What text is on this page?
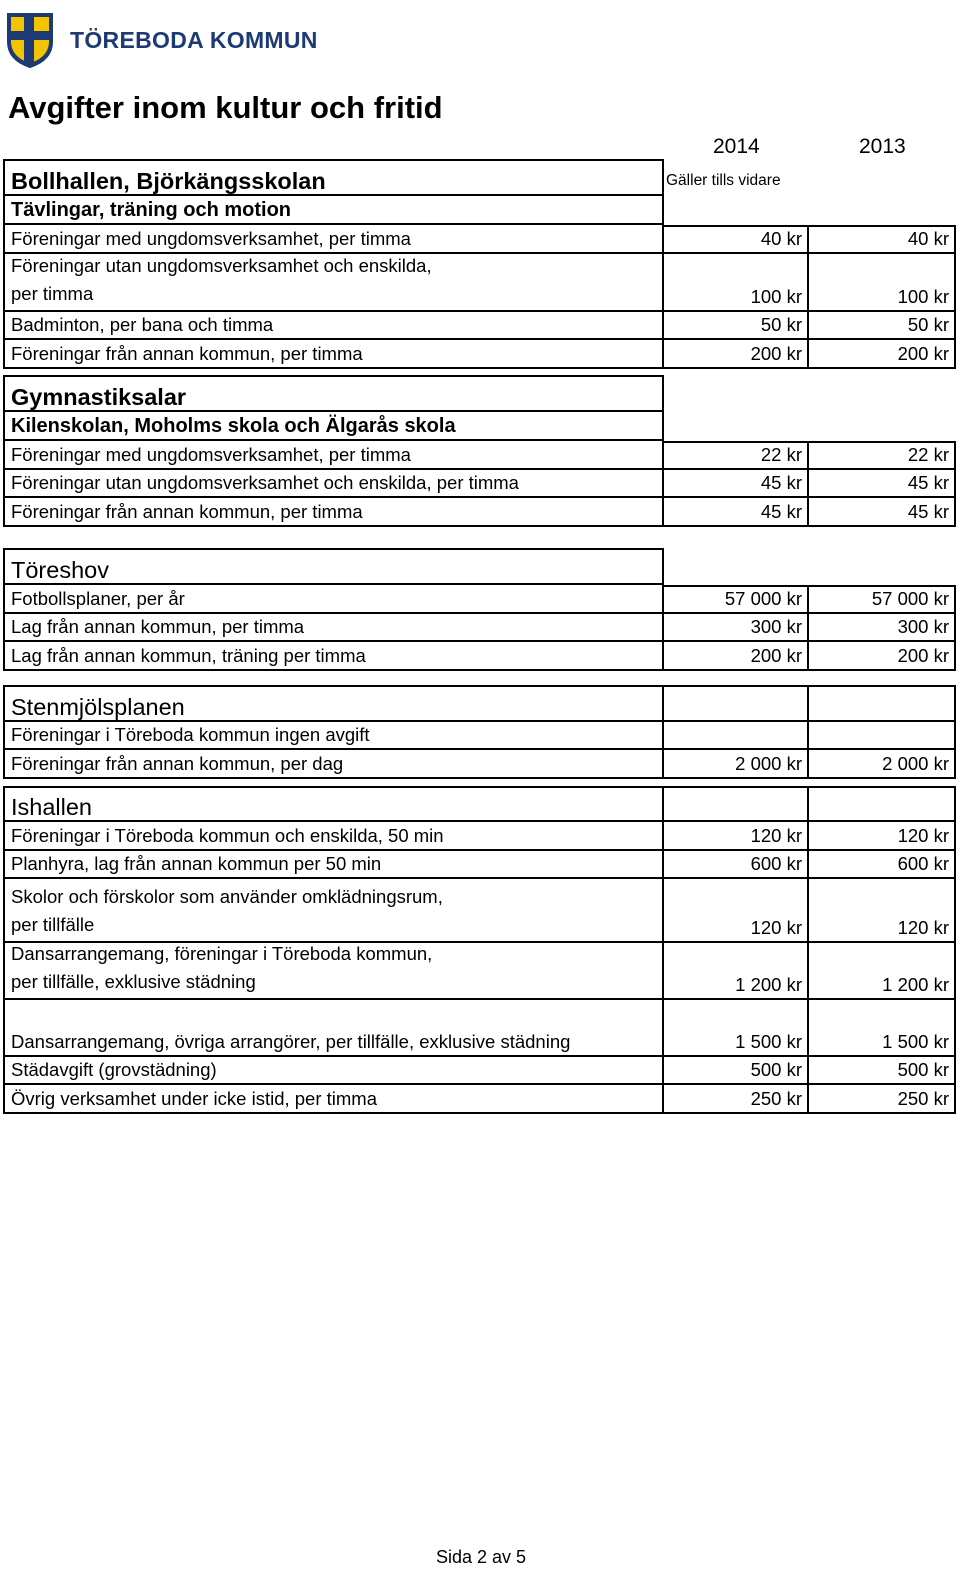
TÖREBODA KOMMUN
Avgifter inom kultur och fritid
2014	2013
Bollhallen, Björkängsskolan	Gäller tills vidare
Tävlingar, träning och motion
Föreningar med ungdomsverksamhet, per timma	40 kr	40 kr
Föreningar utan ungdomsverksamhet och enskilda,
per timma	100 kr	100 kr
Badminton, per bana och timma	50 kr	50 kr
Föreningar från annan kommun, per timma	200 kr	200 kr
Gymnastiksalar
Kilenskolan, Moholms skola och Älgarås skola
Föreningar med ungdomsverksamhet, per timma	22 kr	22 kr
Föreningar utan ungdomsverksamhet och enskilda, per timma	45 kr	45 kr
Föreningar från annan kommun, per timma	45 kr	45 kr
Töreshov
Fotbollsplaner, per år	57 000 kr	57 000 kr
Lag från annan kommun, per timma	300 kr	300 kr
Lag från annan kommun, träning per timma	200 kr	200 kr
Stenmjölsplanen
Föreningar i Töreboda kommun ingen avgift
Föreningar från annan kommun, per dag	2 000 kr	2 000 kr
Ishallen
Föreningar i Töreboda kommun och enskilda, 50 min	120 kr	120 kr
Planhyra, lag från annan kommun per 50 min	600 kr	600 kr
Skolor och förskolor som använder omklädningsrum,
per tillfälle	120 kr	120 kr
Dansarrangemang, föreningar i Töreboda kommun,
per tillfälle, exklusive städning	1 200 kr	1 200 kr
Dansarrangemang, övriga arrangörer, per tillfälle, exklusive städning	1 500 kr	1 500 kr
Städavgift (grovstädning)	500 kr	500 kr
Övrig verksamhet under icke istid, per timma	250 kr	250 kr
Sida 2 av 5
